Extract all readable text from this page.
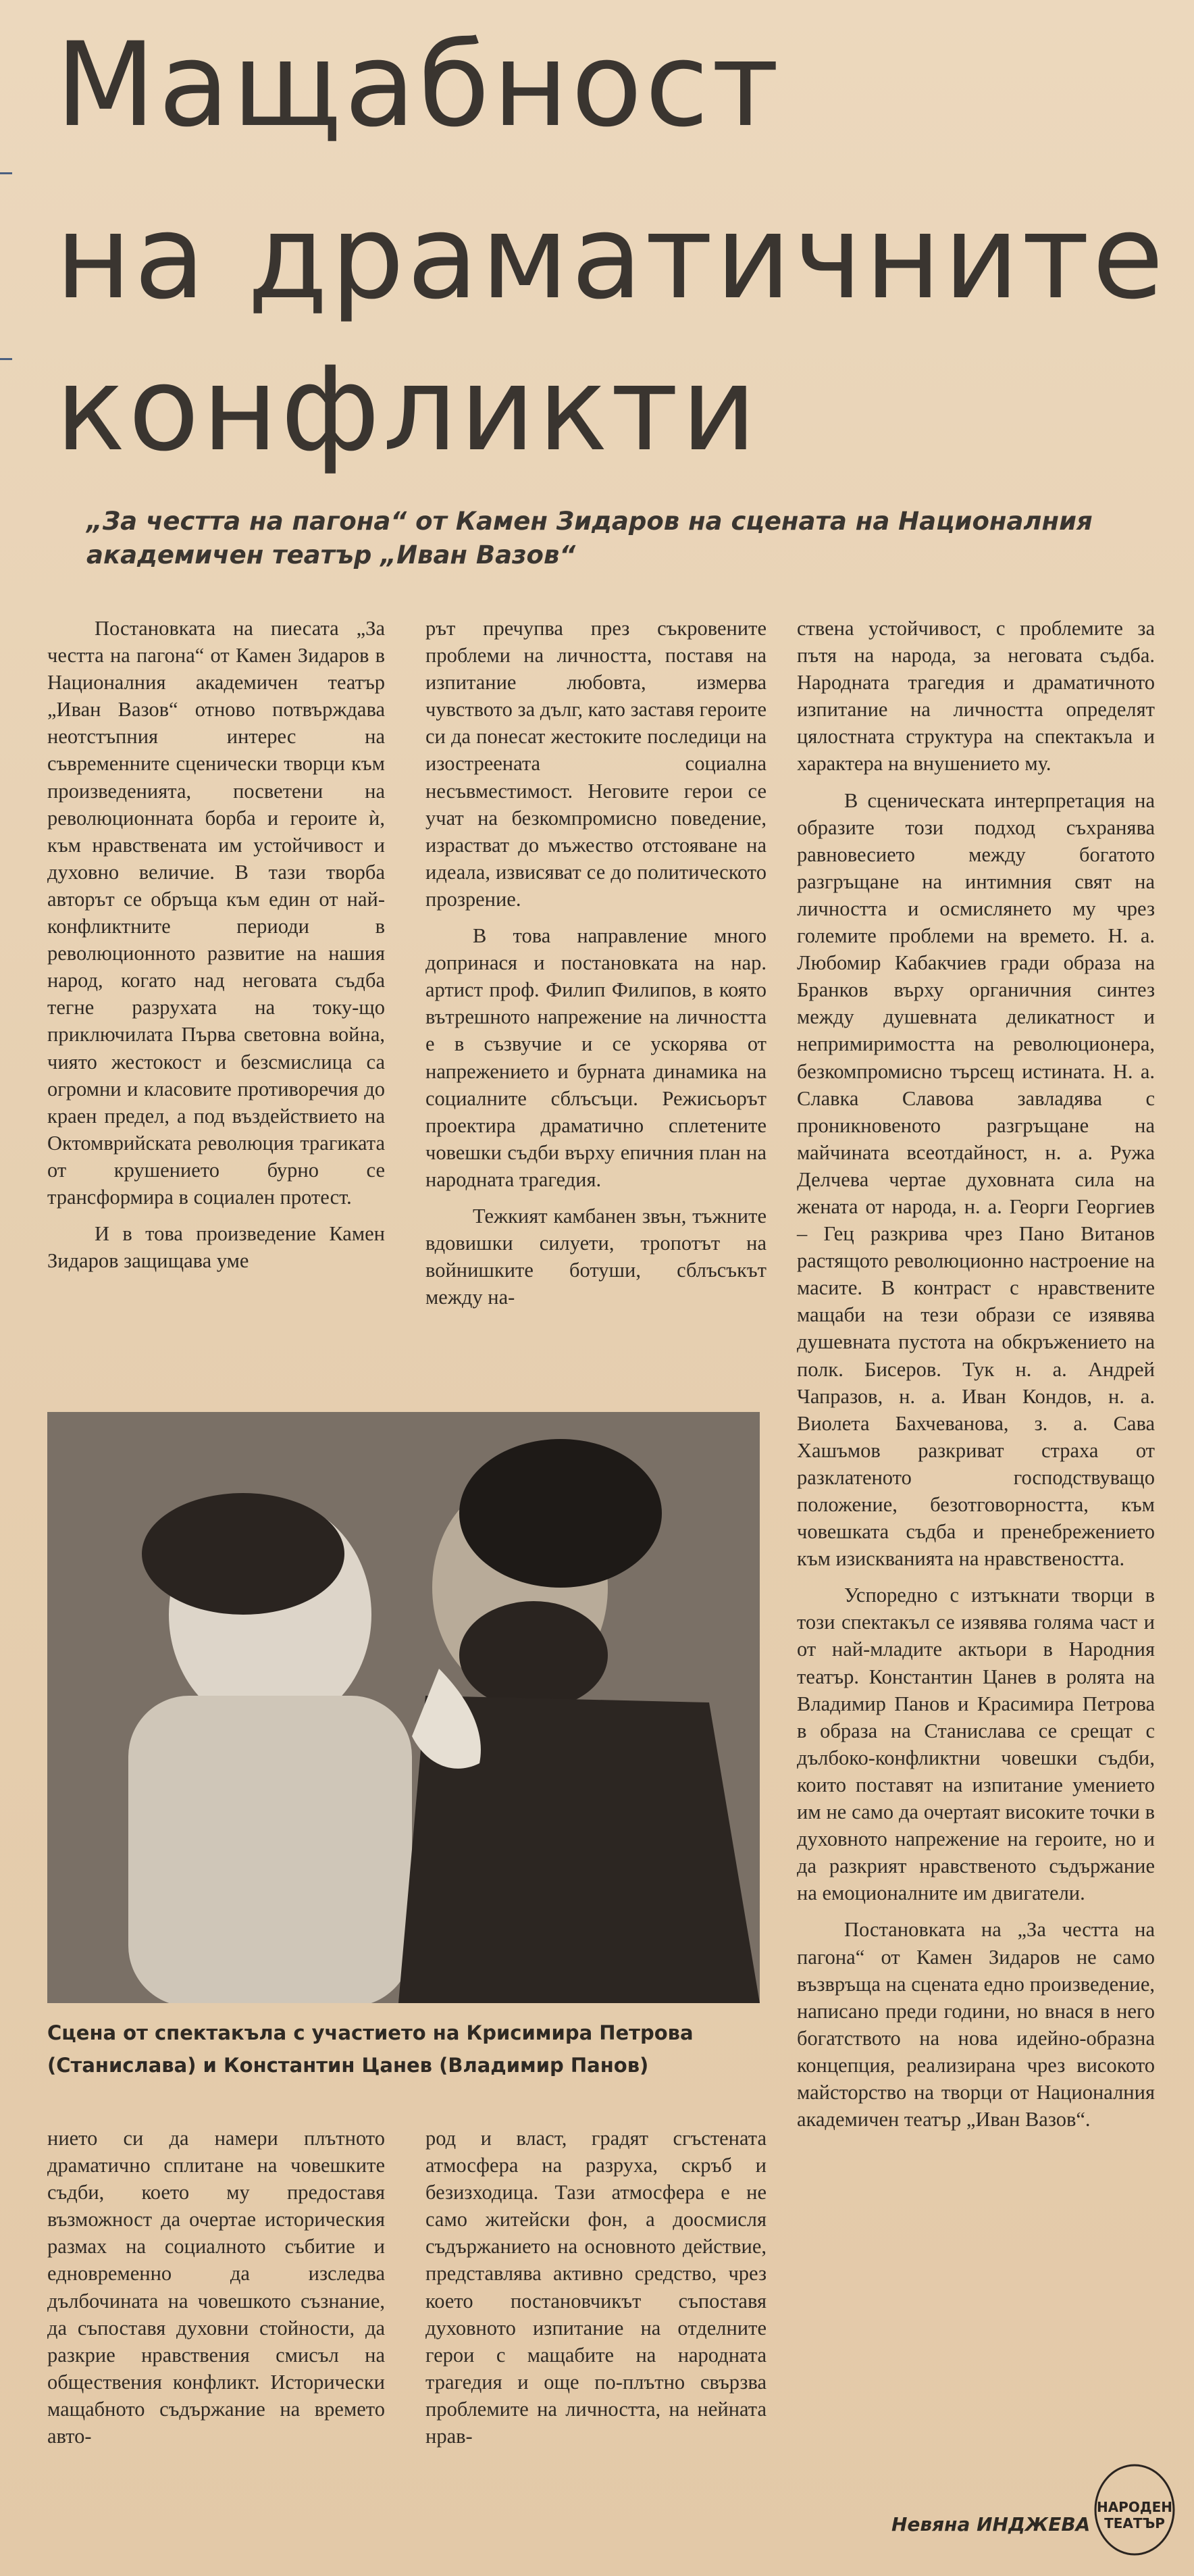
Мащабност
на драматичните
конфликти
„За честта на пагона“ от Камен Зидаров на сцената на Националния
академичен театър „Иван Вазов“

Постановката на пиесата „За честта на пагона“ от Камен Зидаров в Националния академичен театър „Иван Вазов“ отново потвърждава неотстъпния интерес на съвременните сценически творци към произведенията, посветени на революционната борба и героите ѝ, към нравствената им устойчивост и духовно величие. В тази творба авторът се обръща към един от най-конфликтните периоди в революционното развитие на нашия народ, когато над неговата съдба тегне разрухата на току-що приключилата Първа световна война, чиято жестокост и безсмислица са огромни и класовите противоречия до краен предел, а под въздействието на Октомврийската революция трагиката от крушението бурно се трансформира в социален протест.

И в това произведение Камен Зидаров защищава уме

рът пречупва през съкровените проблеми на личността, поставя на изпитание любовта, измерва чувството за дълг, като заставя героите си да понесат жестоките последици на изостреената социална несъвместимост. Неговите герои се учат на безкомпромисно поведение, израстват до мъжество отстояване на идеала, извисяват се до политическото прозрение.

В това направление много допринася и постановката на нар. артист проф. Филип Филипов, в която вътрешното напрежение на личността е в съзвучие и се ускорява от напрежението и бурната динамика на социалните сблъсъци. Режисьорът проектира драматично сплетените човешки съдби върху епичния план на народната трагедия.

Тежкият камбанен звън, тъжните вдовишки силуети, тропотът на войнишките ботуши, сблъсъкът между на-

ствена устойчивост, с проблемите за пътя на народа, за неговата съдба. Народната трагедия и драматичното изпитание на личността определят цялостната структура на спектакъла и характера на внушението му.

В сценическата интерпретация на образите този подход съхранява равновесието между богатото разгръщане на интимния свят на личността и осмислянето му чрез големите проблеми на времето. Н. а. Любомир Кабакчиев гради образа на Бранков върху органичния синтез между душевната деликатност и непримиримостта на революционера, безкомпромисно търсещ истината. Н. а. Славка Славова завладява с проникновеното разгръщане на майчината всеотдайност, н. а. Ружа Делчева чертае духовната сила на жената от народа, н. а. Георги Георгиев – Гец разкрива чрез Пано Витанов растящото революционно настроение на масите. В контраст с нравствените мащаби на тези образи се изявява душевната пустота на обкръжението на полк. Бисеров. Тук н. а. Андрей Чапразов, н. а. Иван Кондов, н. а. Виолета Бахчеванова, з. а. Сава Хашъмов разкриват страха от разклатеното господствуващо положение, безотговорността, към човешката съдба и пренебрежението към изискванията на нравствеността.

Успоредно с изтъкнати творци в този спектакъл се изявява голяма част и от най-младите актьори в Народния театър. Константин Цанев в ролята на Владимир Панов и Красимира Петрова в образа на Станислава се срещат с дълбоко-конфликтни човешки съдби, които поставят на изпитание умението им не само да очертаят високите точки в духовното напрежение на героите, но и да разкрият нравственото съдържание на емоционалните им двигатели.

Постановката на „За честта на пагона“ от Камен Зидаров не само възвръща на сцената едно произведение, написано преди години, но внася в него богатството на нова идейно-образна концепция, реализирана чрез високото майсторство на творци от Националния академичен театър „Иван Вазов“.

Сцена от спектакъла с участието на Крисимира Петрова (Станислава) и Константин Цанев (Владимир Панов)

нието си да намери плътното драматично сплитане на човешките съдби, което му предоставя възможност да очертае историческия размах на социалното събитие и едновременно да изследва дълбочината на човешкото съзнание, да съпоставя духовни стойности, да разкрие нравствения смисъл на обществения конфликт. Исторически мащабното съдържание на времето авто-

род и власт, градят сгъстената атмосфера на разруха, скръб и безизходица. Тази атмосфера е не само житейски фон, а доосмисля съдържанието на основното действие, представлява активно средство, чрез което постановчикът съпоставя духовното изпитание на отделните герои с мащабите на народната трагедия и още по-плътно свързва проблемите на личността, на нейната нрав-

Невяна ИНДЖЕВА
НАРОДЕН
ТЕАТЪР
